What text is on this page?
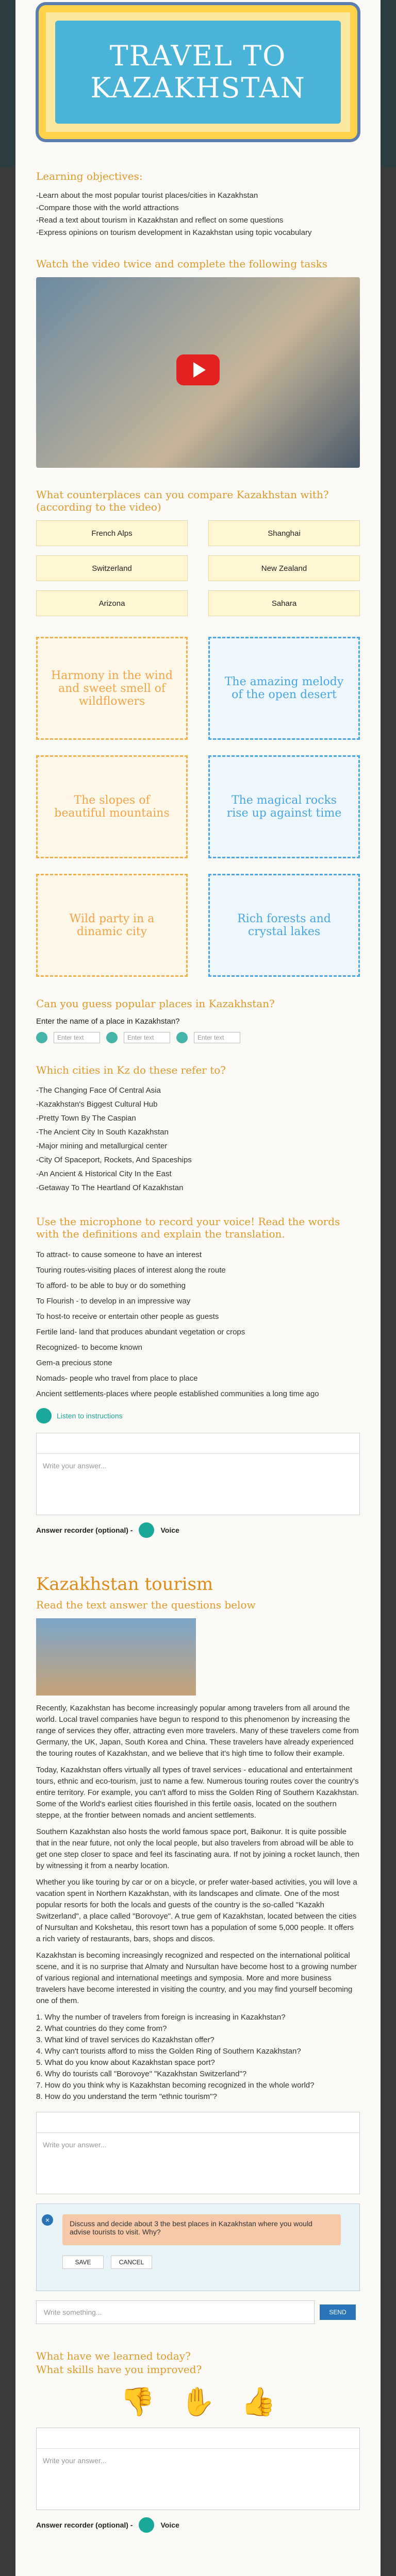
TRAVEL TO KAZAKHSTAN
Learning objectives:

-Learn about the most popular tourist places/cities in Kazakhstan

-Compare those with the world attractions

-Read a text about tourism in Kazakhstan and reflect on some questions

-Express opinions on tourism development in Kazakhstan using topic vocabulary

Watch the video twice and complete the following tasks
What counterplaces can you compare Kazakhstan with? (according to the video)
French Alps	Shanghai
Switzerland	New Zealand
Arizona	Sahara
Harmony in the wind and sweet smell of wildflowers
The amazing melody of the open desert
The slopes of beautiful mountains
The magical rocks rise up against time
Wild party in a dinamic city
Rich forests and crystal lakes
Can you guess popular places in Kazakhstan?
Enter the name of a place in Kazakhstan?
Enter text	Enter text	Enter text
Which cities in Kz do these refer to?

-The Changing Face Of Central Asia

-Kazakhstan's Biggest Cultural Hub

-Pretty Town By The Caspian

-The Ancient City In South Kazakhstan

-Major mining and metallurgical center

-City Of Spaceport, Rockets, And Spaceships

-An Ancient & Historical City In the East

-Getaway To The Heartland Of Kazakhstan

Use the microphone to record your voice! Read the words with the definitions and explain the translation.

To attract- to cause someone to have an interest

Touring routes-visiting places of interest along the route

To afford- to be able to buy or do something

To Flourish - to develop in an impressive way

To host-to receive or entertain other people as guests

Fertile land- land that produces abundant vegetation or crops

Recognized- to become known

Gem-a precious stone

Nomads- people who travel from place to place

Ancient settlements-places where people established communities a long time ago

Listen to instructions
Write your answer...
Answer recorder (optional) -	Voice
Kazakhstan tourism
Read the text answer the questions below

Recently, Kazakhstan has become increasingly popular among travelers from all around the world. Local travel companies have begun to respond to this phenomenon by increasing the range of services they offer, attracting even more travelers. Many of these travelers come from Germany, the UK, Japan, South Korea and China. These travelers have already experienced the touring routes of Kazakhstan, and we believe that it's high time to follow their example.

Today, Kazakhstan offers virtually all types of travel services - educational and entertainment tours, ethnic and eco-tourism, just to name a few. Numerous touring routes cover the country's entire territory. For example, you can't afford to miss the Golden Ring of Southern Kazakhstan. Some of the World's earliest cities flourished in this fertile oasis, located on the southern steppe, at the frontier between nomads and ancient settlements.

Southern Kazakhstan also hosts the world famous space port, Baikonur. It is quite possible that in the near future, not only the local people, but also travelers from abroad will be able to get one step closer to space and feel its fascinating aura. If not by joining a rocket launch, then by witnessing it from a nearby location.

Whether you like touring by car or on a bicycle, or prefer water-based activities, you will love a vacation spent in Northern Kazakhstan, with its landscapes and climate. One of the most popular resorts for both the locals and guests of the country is the so-called "Kazakh Switzerland", a place called "Borovoye". A true gem of Kazakhstan, located between the cities of Nursultan and Kokshetau, this resort town has a population of some 5,000 people. It offers a rich variety of restaurants, bars, shops and discos.

Kazakhstan is becoming increasingly recognized and respected on the international political scene, and it is no surprise that Almaty and Nursultan have become host to a growing number of various regional and international meetings and symposia. More and more business travelers have become interested in visiting the country, and you may find yourself becoming one of them.

1. Why the number of travelers from foreign is increasing in Kazakhstan?

2. What countries do they come from?

3. What kind of travel services do Kazakhstan offer?

4. Why can't tourists afford to miss the Golden Ring of Southern Kazakhstan?

5. What do you know about Kazakhstan space port?

6. Why do tourists call "Borovoye" "Kazakhstan Switzerland"?

7. How do you think why is Kazakhstan becoming recognized in the whole world?

8. How do you understand the term "ethnic tourism"?

Write your answer...
×	Discuss and decide about 3 the best places in Kazakhstan where you would advise tourists to visit. Why?
SAVE	CANCEL
Write something...	SEND
What have we learned today?
What skills have you improved?
👎 ✋ 👍
Write your answer...
Answer recorder (optional) -	Voice
